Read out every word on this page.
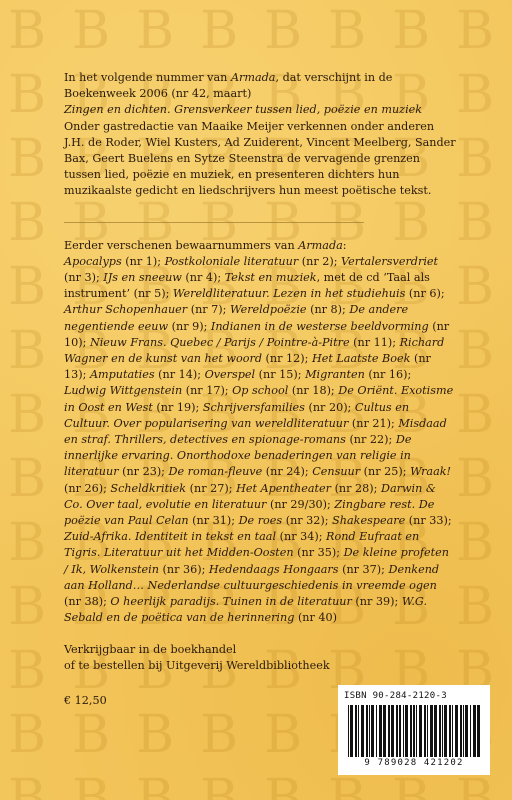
In het volgende nummer van Armada, dat verschijnt in de Boekenweek 2006 (nr 42, maart)

Zingen en dichten. Grensverkeer tussen lied, poëzie en muziek

Onder gastredactie van Maaike Meijer verkennen onder anderen J.H. de Roder, Wiel Kusters, Ad Zuiderent, Vincent Meelberg, Sander Bax, Geert Buelens en Sytze Steenstra de vervagende grenzen tussen lied, poëzie en muziek, en presenteren dichters hun muzikaalste gedicht en liedschrijvers hun meest poëtische tekst.

Eerder verschenen bewaarnummers van Armada:
Apocalyps (nr 1); Postkoloniale literatuur (nr 2); Vertalersverdriet (nr 3); IJs en sneeuw (nr 4); Tekst en muziek, met de cd ‘Taal als instrument’ (nr 5); Wereldliteratuur. Lezen in het studiehuis (nr 6); Arthur Schopenhauer (nr 7); Wereldpoëzie (nr 8); De andere negentiende eeuw (nr 9); Indianen in de westerse beeldvorming (nr 10); Nieuw Frans. Quebec / Parijs / Pointre-à-Pitre (nr 11); Richard Wagner en de kunst van het woord (nr 12); Het Laatste Boek (nr 13); Amputaties (nr 14); Overspel (nr 15); Migranten (nr 16); Ludwig Wittgenstein (nr 17); Op school (nr 18); De Oriënt. Exotisme in Oost en West (nr 19); Schrijversfamilies (nr 20); Cultus en Cultuur. Over popularisering van wereldliteratuur (nr 21); Misdaad en straf. Thrillers, detectives en spionage-romans (nr 22); De innerlijke ervaring. Onorthodoxe benaderingen van religie in literatuur (nr 23); De roman-fleuve (nr 24); Censuur (nr 25); Wraak! (nr 26); Scheldkritiek (nr 27); Het Apentheater (nr 28); Darwin & Co. Over taal, evolutie en literatuur (nr 29/30); Zingbare rest. De poëzie van Paul Celan (nr 31); De roes (nr 32); Shakespeare (nr 33); Zuid-Afrika. Identiteit in tekst en taal (nr 34); Rond Eufraat en Tigris. Literatuur uit het Midden-Oosten (nr 35); De kleine profeten / Ik, Wolkenstein (nr 36); Hedendaags Hongaars (nr 37); Denkend aan Holland… Nederlandse cultuurgeschiedenis in vreemde ogen (nr 38); O heerlijk paradijs. Tuinen in de literatuur (nr 39); W.G. Sebald en de poëtica van de herinnering (nr 40)

Verkrijgbaar in de boekhandel
of te bestellen bij Uitgeverij Wereldbibliotheek

€ 12,50	ISBN 90-284-2120-3
9 789028 421202
